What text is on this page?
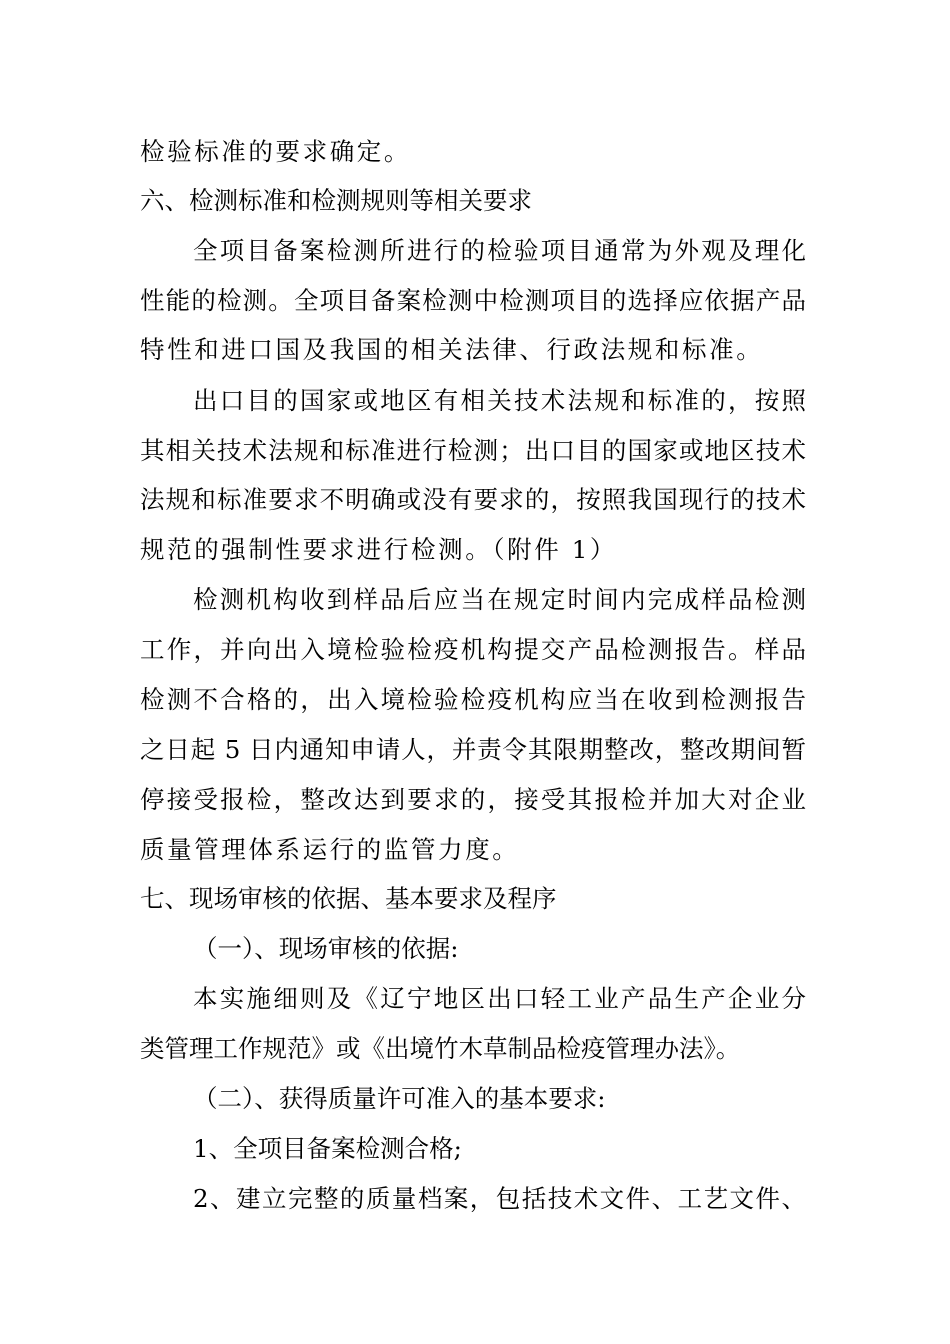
检验标准的要求确定。
六、检测标准和检测规则等相关要求
全项目备案检测所进行的检验项目通常为外观及理化
性能的检测。全项目备案检测中检测项目的选择应依据产品
特性和进口国及我国的相关法律、行政法规和标准。
出口目的国家或地区有相关技术法规和标准的，按照
其相关技术法规和标准进行检测；出口目的国家或地区技术
法规和标准要求不明确或没有要求的，按照我国现行的技术
规范的强制性要求进行检测。（附件 1）
检测机构收到样品后应当在规定时间内完成样品检测
工作，并向出入境检验检疫机构提交产品检测报告。样品
检测不合格的，出入境检验检疫机构应当在收到检测报告
之日起 5 日内通知申请人，并责令其限期整改，整改期间暂
停接受报检，整改达到要求的，接受其报检并加大对企业
质量管理体系运行的监管力度。
七、现场审核的依据、基本要求及程序
（一）、现场审核的依据:
本实施细则及《辽宁地区出口轻工业产品生产企业分
类管理工作规范》或《出境竹木草制品检疫管理办法》。
（二）、获得质量许可准入的基本要求:
1、全项目备案检测合格;
2、建立完整的质量档案，包括技术文件、工艺文件、
